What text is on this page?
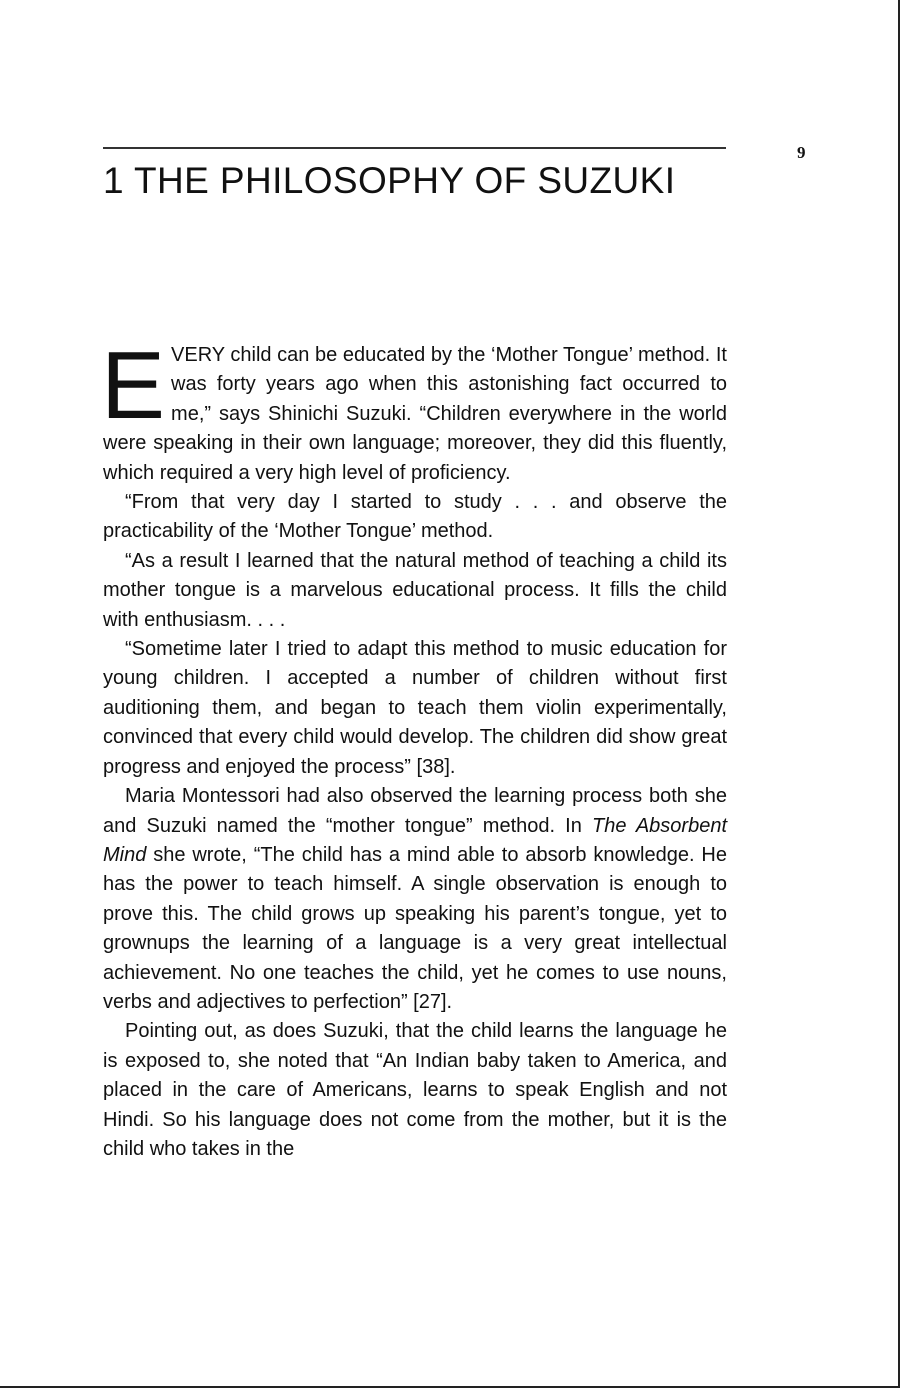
9
1 THE PHILOSOPHY OF SUZUKI

EVERY child can be educated by the ‘Mother Tongue’ method. It was forty years ago when this astonishing fact occurred to me,” says Shinichi Suzuki. “Children everywhere in the world were speaking in their own language; moreover, they did this fluently, which required a very high level of proficiency.

“From that very day I started to study . . . and observe the practicability of the ‘Mother Tongue’ method.

“As a result I learned that the natural method of teaching a child its mother tongue is a marvelous educational process. It fills the child with enthusiasm. . . .

“Sometime later I tried to adapt this method to music education for young children. I accepted a number of children without first auditioning them, and began to teach them violin experimentally, convinced that every child would develop. The children did show great progress and enjoyed the process” [38].

Maria Montessori had also observed the learning process both she and Suzuki named the “mother tongue” method. In The Absorbent Mind she wrote, “The child has a mind able to absorb knowledge. He has the power to teach himself. A single observation is enough to prove this. The child grows up speaking his parent’s tongue, yet to grownups the learning of a language is a very great intellectual achievement. No one teaches the child, yet he comes to use nouns, verbs and adjectives to perfection” [27].

Pointing out, as does Suzuki, that the child learns the language he is exposed to, she noted that “An Indian baby taken to America, and placed in the care of Americans, learns to speak English and not Hindi. So his language does not come from the mother, but it is the child who takes in the
